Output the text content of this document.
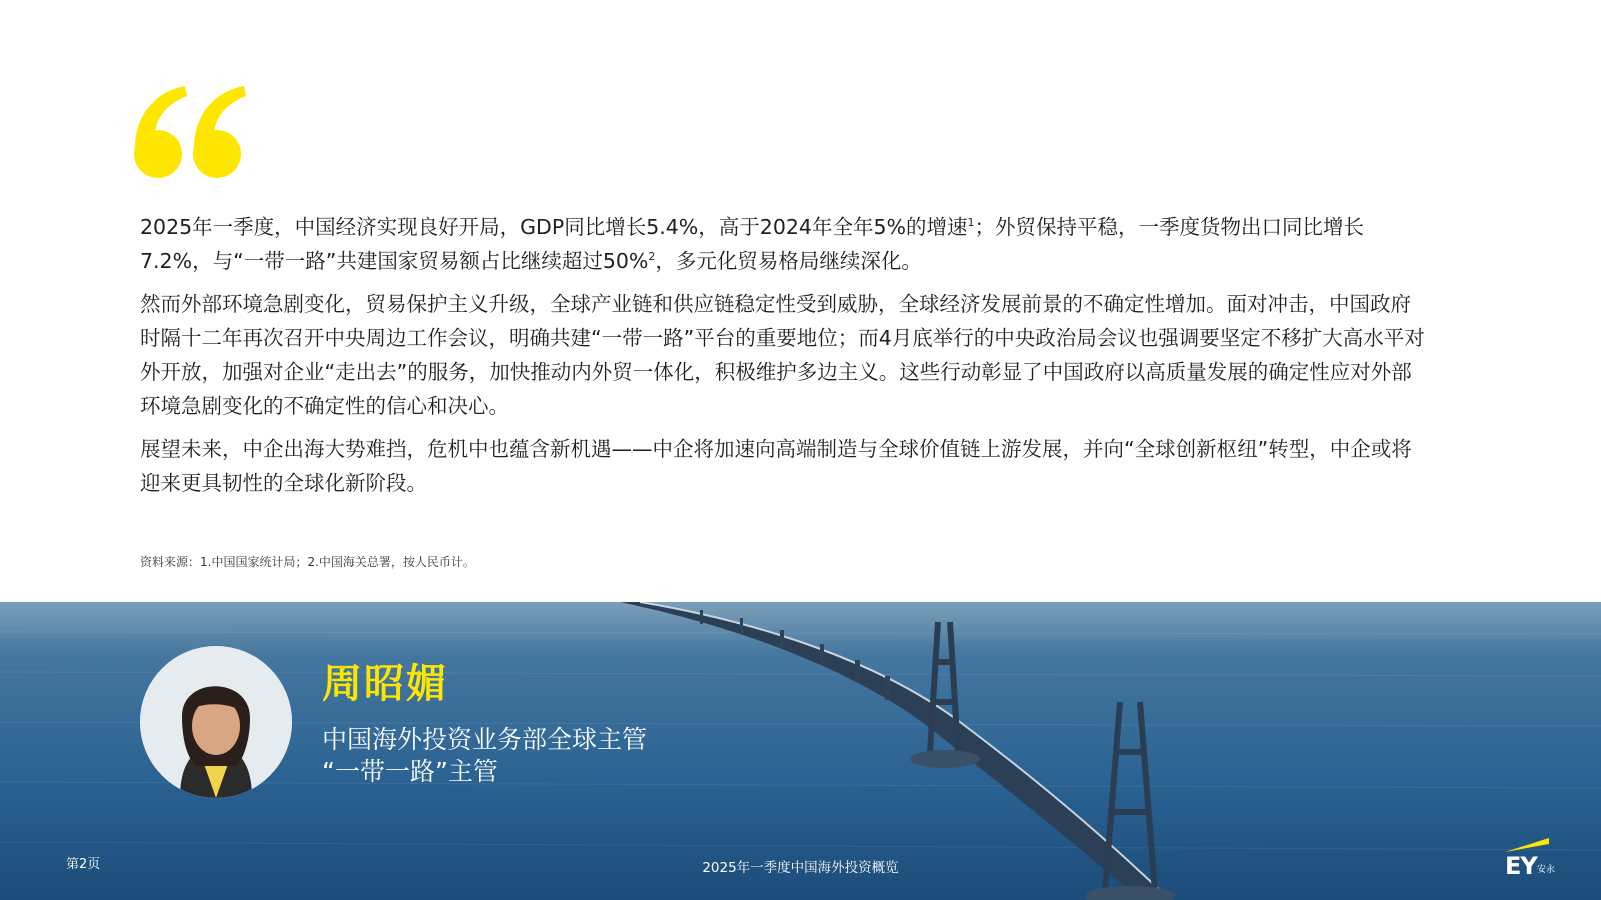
2025年一季度，中国经济实现良好开局，GDP同比增长5.4%，高于2024年全年5%的增速$^1$；外贸保持平稳，一季度货物出口同比增长7.2%，与“一带一路”共建国家贸易额占比继续超过50%$^2$，多元化贸易格局继续深化。

然而外部环境急剧变化，贸易保护主义升级，全球产业链和供应链稳定性受到威胁，全球经济发展前景的不确定性增加。面对冲击，中国政府时隔十二年再次召开中央周边工作会议，明确共建“一带一路”平台的重要地位；而4月底举行的中央政治局会议也强调要坚定不移扩大高水平对外开放，加强对企业“走出去”的服务，加快推动内外贸一体化，积极维护多边主义。这些行动彰显了中国政府以高质量发展的确定性应对外部环境急剧变化的不确定性的信心和决心。

展望未来，中企出海大势难挡，危机中也蕴含新机遇——中企将加速向高端制造与全球价值链上游发展，并向“全球创新枢纽”转型，中企或将迎来更具韧性的全球化新阶段。

资料来源：1.中国国家统计局；2.中国海关总署，按人民币计。
周昭媚
中国海外投资业务部全球主管
“一带一路”主管
第2页	2025年一季度中国海外投资概览	EY 安永
